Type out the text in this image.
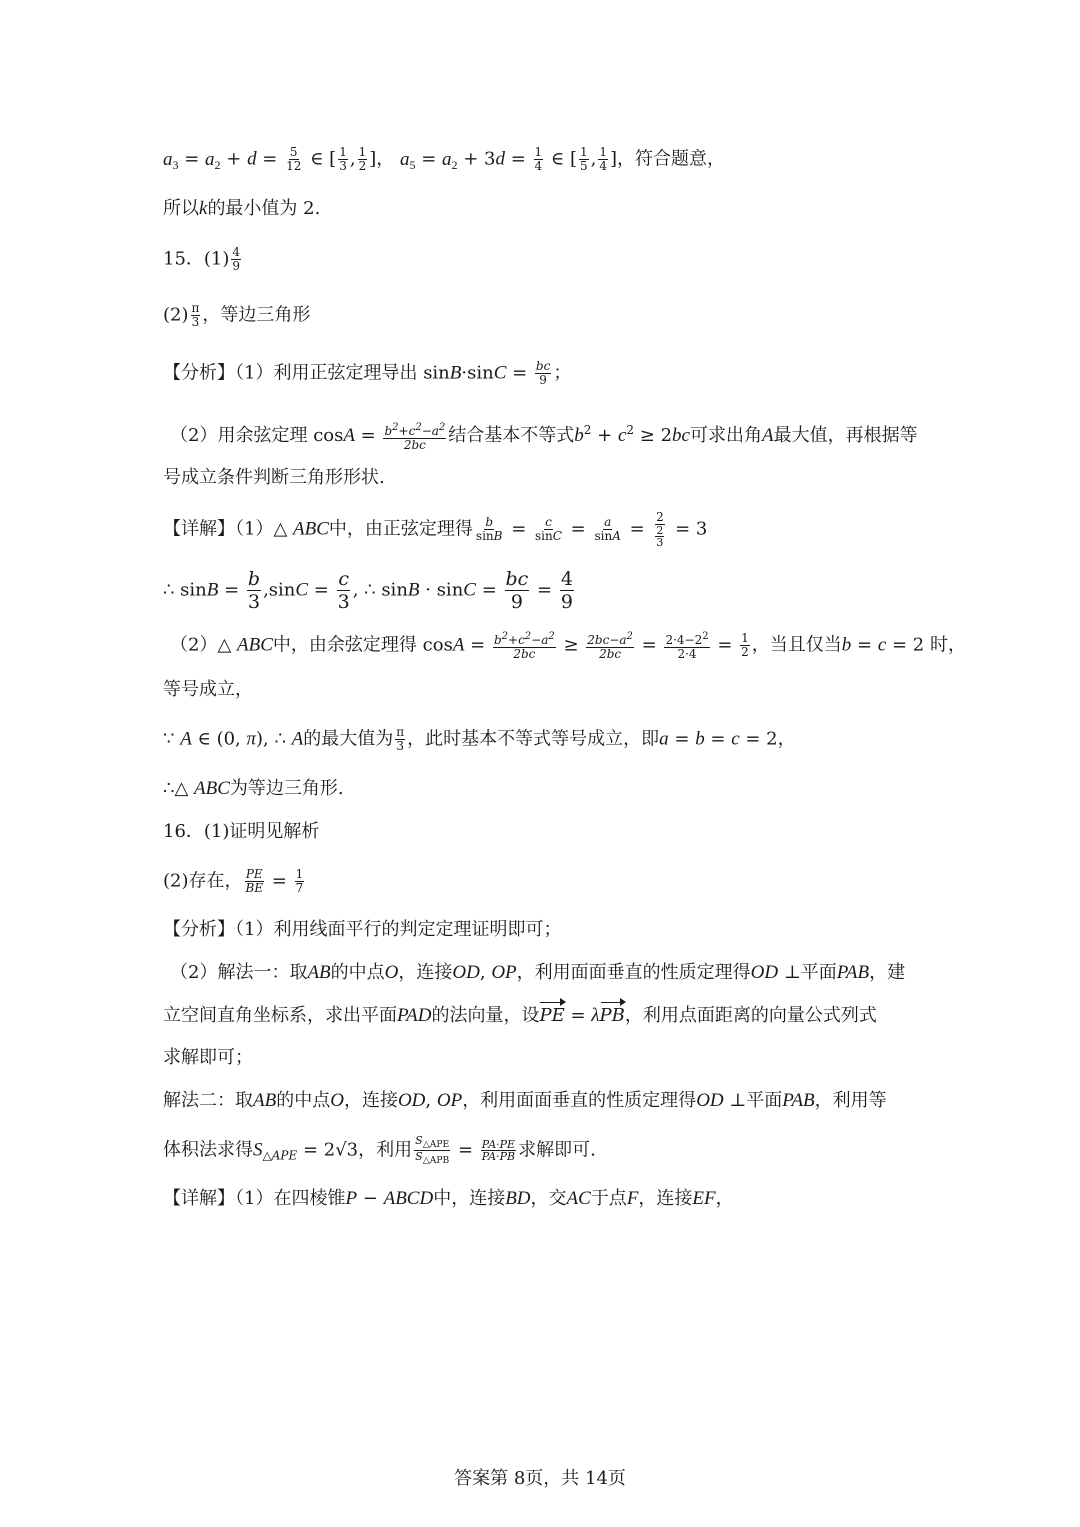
$a_3 = a_2 + d = \frac{5}{12}$ ∈ [ $\frac{1}{3}$ , $\frac{1}{2}$ ]， $a_5 = a_2 + 3d = \frac{1}{4}$ ∈ [ $\frac{1}{5}$ , $\frac{1}{4}$ ]，符合题意，
所以k的最小值为 2.
15．$(1) \frac{4}{9}$
$(2) \frac{\pi}{3}$ ，等边三角形
【分析】（1）利用正弦定理导出 $\sin B\cdot\sin C = \frac{bc}{9}$ ；
（2）用余弦定理 $\cos A = \frac{b^2+c^2-a^2}{2bc}$ 结合基本不等式$b^2 + c^2 \ge 2bc$可求出角A最大值，再根据等
号成立条件判断三角形形状.
【详解】（1）△ ABC中，由正弦定理得 $\frac{b}{\sin B} = \frac{c}{\sin C} = \frac{a}{\sin A} = \frac{2}{\frac{2}{3}} = 3$
∴ $\sin B = \frac{b}{3} ,\sin C = \frac{c}{3}$ , ∴ $\sin B \cdot \sin C = \frac{bc}{9} = \frac{4}{9}$
（2）△ ABC中，由余弦定理得 $\cos A = \frac{b^2+c^2-a^2}{2bc} \ge \frac{2bc-a^2}{2bc} = \frac{2\cdot 4-2^2}{2\cdot 4} = \frac{1}{2}$ ，当且仅当b = c = 2 时，
等号成立，
∵ A ∈ (0, π), ∴ A的最大值为 $\frac{\pi}{3}$ ，此时基本不等式等号成立，即a = b = c = 2，
∴△ ABC为等边三角形.
16．(1)证明见解析
(2)存在， $\frac{PE}{BE} = \frac{1}{7}$
【分析】（1）利用线面平行的判定定理证明即可；
（2）解法一：取AB的中点O，连接OD, OP，利用面面垂直的性质定理得OD ⊥平面PAB，建
立空间直角坐标系，求出平面PAD的法向量，设PE = λPB，利用点面距离的向量公式列式
求解即可；
解法二：取AB的中点O，连接OD, OP，利用面面垂直的性质定理得OD ⊥平面PAB，利用等
体积法求得$S_{\triangle APE} = 2√3$，利用 $\frac{S_{\triangle APE}}{S_{\triangle APB}} = \frac{PA\cdot PE}{PA\cdot PB}$ 求解即可.
【详解】（1）在四棱锥P − ABCD中，连接BD，交AC于点F，连接EF，
答案第 8页，共 14页
